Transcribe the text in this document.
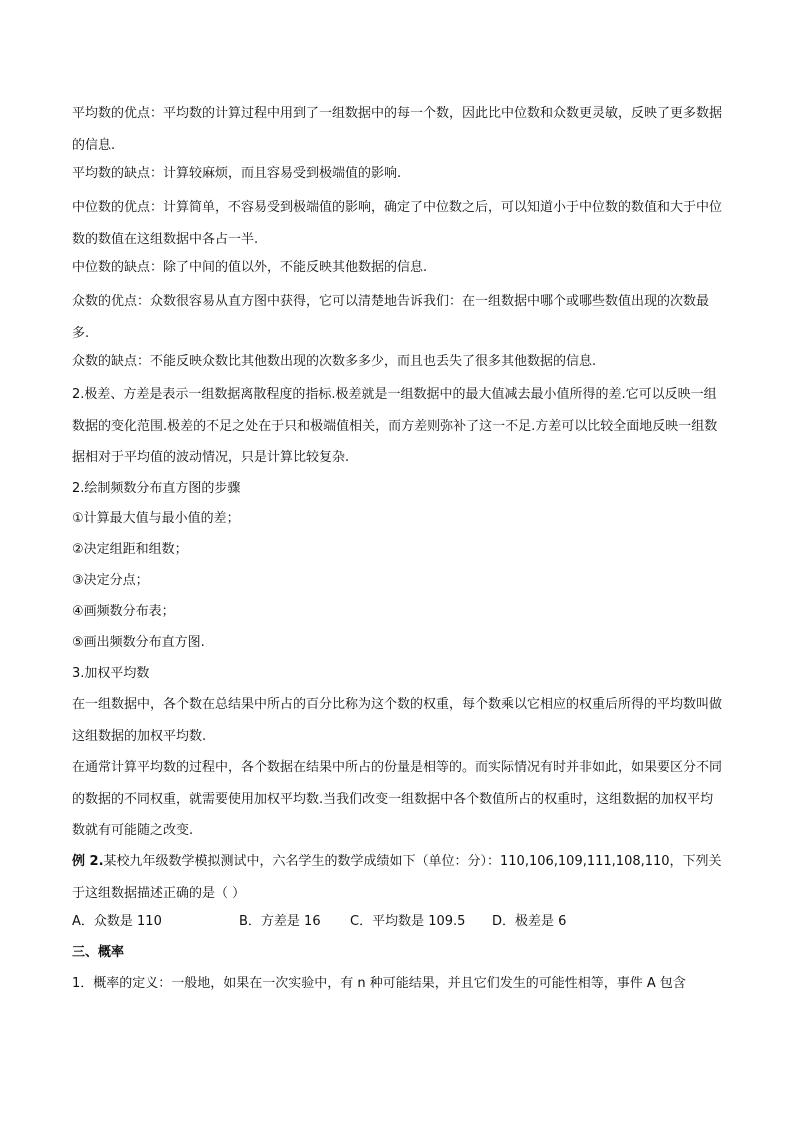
平均数的优点：平均数的计算过程中用到了一组数据中的每一个数，因此比中位数和众数更灵敏，反映了更多数据的信息.

平均数的缺点：计算较麻烦，而且容易受到极端值的影响.

中位数的优点：计算简单，不容易受到极端值的影响，确定了中位数之后，可以知道小于中位数的数值和大于中位数的数值在这组数据中各占一半.

中位数的缺点：除了中间的值以外，不能反映其他数据的信息.

众数的优点：众数很容易从直方图中获得，它可以清楚地告诉我们：在一组数据中哪个或哪些数值出现的次数最多.

众数的缺点：不能反映众数比其他数出现的次数多多少，而且也丢失了很多其他数据的信息.

2.极差、方差是表示一组数据离散程度的指标.极差就是一组数据中的最大值减去最小值所得的差.它可以反映一组数据的变化范围.极差的不足之处在于只和极端值相关，而方差则弥补了这一不足.方差可以比较全面地反映一组数据相对于平均值的波动情况，只是计算比较复杂.

2.绘制频数分布直方图的步骤

①计算最大值与最小值的差；

②决定组距和组数；

③决定分点；

④画频数分布表；

⑤画出频数分布直方图.

3.加权平均数

在一组数据中，各个数在总结果中所占的百分比称为这个数的权重，每个数乘以它相应的权重后所得的平均数叫做这组数据的加权平均数.

在通常计算平均数的过程中，各个数据在结果中所占的份量是相等的。而实际情况有时并非如此，如果要区分不同的数据的不同权重，就需要使用加权平均数.当我们改变一组数据中各个数值所占的权重时，这组数据的加权平均数就有可能随之改变.

例 2.某校九年级数学模拟测试中，六名学生的数学成绩如下（单位：分）：110,106,109,111,108,110，下列关于这组数据描述正确的是（ ）

A．众数是 110	B．方差是 16 C．平均数是 109.5 D．极差是 6

三、概率

1．概率的定义：一般地，如果在一次实验中，有 n 种可能结果，并且它们发生的可能性相等，事件 A 包含
